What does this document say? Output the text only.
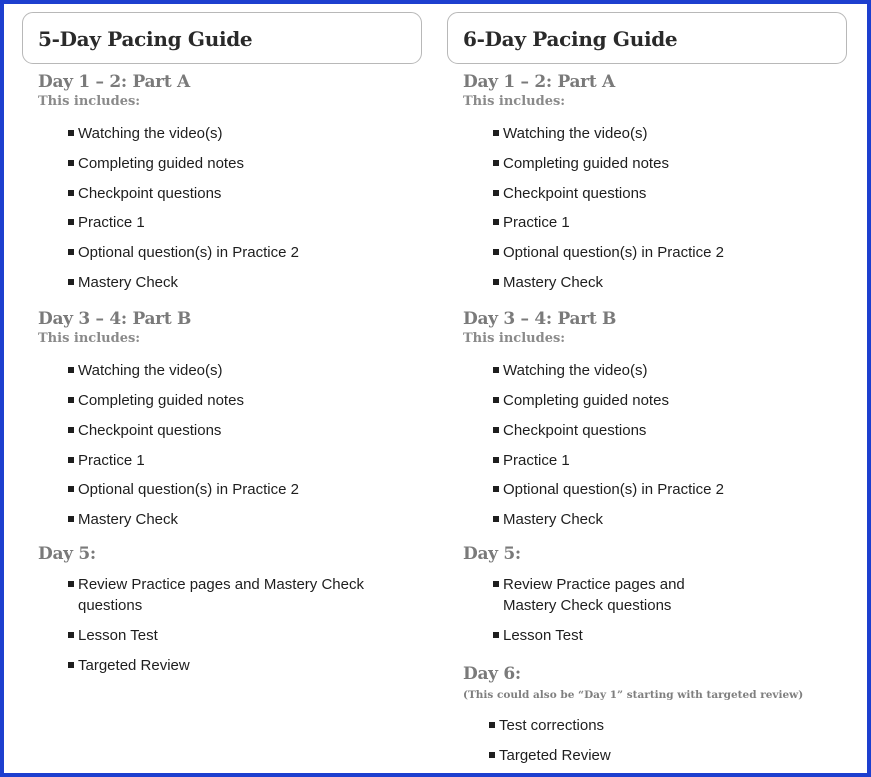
5-Day Pacing Guide
Day 1 – 2: Part A
This includes:
Watching the video(s)
Completing guided notes
Checkpoint questions
Practice 1
Optional question(s) in Practice 2
Mastery Check
Day 3 – 4: Part B
This includes:
Watching the video(s)
Completing guided notes
Checkpoint questions
Practice 1
Optional question(s) in Practice 2
Mastery Check
Day 5:
Review Practice pages and Mastery Check questions
Lesson Test
Targeted Review
6-Day Pacing Guide
Day 1 – 2: Part A
This includes:
Watching the video(s)
Completing guided notes
Checkpoint questions
Practice 1
Optional question(s) in Practice 2
Mastery Check
Day 3 – 4: Part B
This includes:
Watching the video(s)
Completing guided notes
Checkpoint questions
Practice 1
Optional question(s) in Practice 2
Mastery Check
Day 5:
Review Practice pages and Mastery Check questions
Lesson Test
Day 6:
(This could also be “Day 1” starting with targeted review)
Test corrections
Targeted Review
